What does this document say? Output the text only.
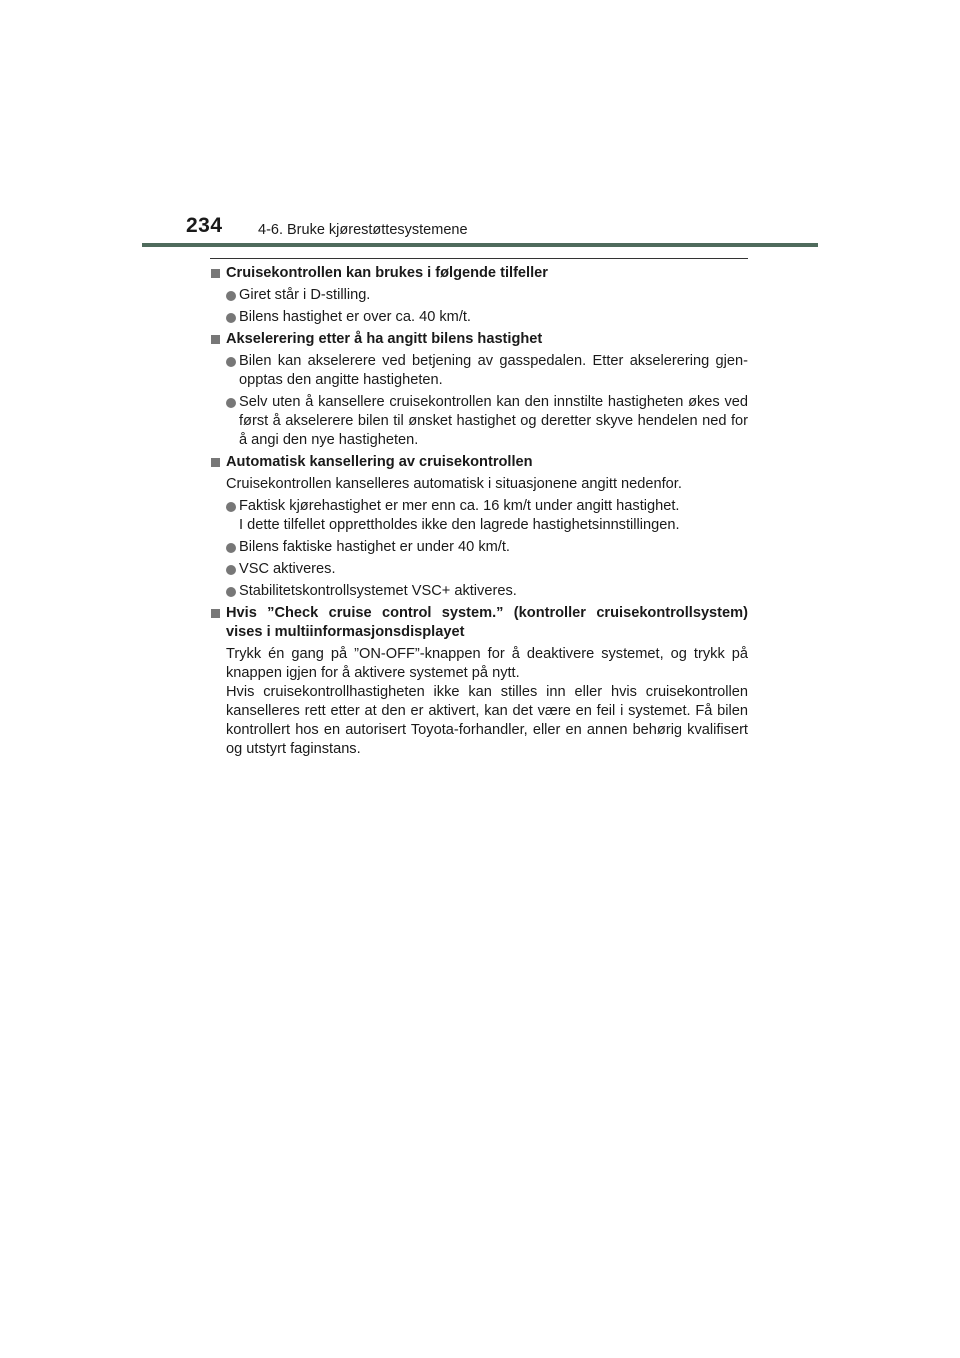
234 4-6. Bruke kjørestøttesystemene
Cruisekontrollen kan brukes i følgende tilfeller
Giret står i D-stilling.
Bilens hastighet er over ca. 40 km/t.
Akselerering etter å ha angitt bilens hastighet
Bilen kan akselerere ved betjening av gasspedalen. Etter akselerering gjen-opptas den angitte hastigheten.
Selv uten å kansellere cruisekontrollen kan den innstilte hastigheten økes ved først å akselerere bilen til ønsket hastighet og deretter skyve hendelen ned for å angi den nye hastigheten.
Automatisk kansellering av cruisekontrollen
Cruisekontrollen kanselleres automatisk i situasjonene angitt nedenfor.
Faktisk kjørehastighet er mer enn ca. 16 km/t under angitt hastighet.
I dette tilfellet opprettholdes ikke den lagrede hastighetsinnstillingen.
Bilens faktiske hastighet er under 40 km/t.
VSC aktiveres.
Stabilitetskontrollsystemet VSC+ aktiveres.
Hvis ”Check cruise control system.” (kontroller cruisekontrollsystem) vises i multiinformasjonsdisplayet
Trykk én gang på ”ON-OFF”-knappen for å deaktivere systemet, og trykk på knappen igjen for å aktivere systemet på nytt.
Hvis cruisekontrollhastigheten ikke kan stilles inn eller hvis cruisekontrollen kanselleres rett etter at den er aktivert, kan det være en feil i systemet. Få bilen kontrollert hos en autorisert Toyota-forhandler, eller en annen behørig kvalifisert og utstyrt faginstans.
